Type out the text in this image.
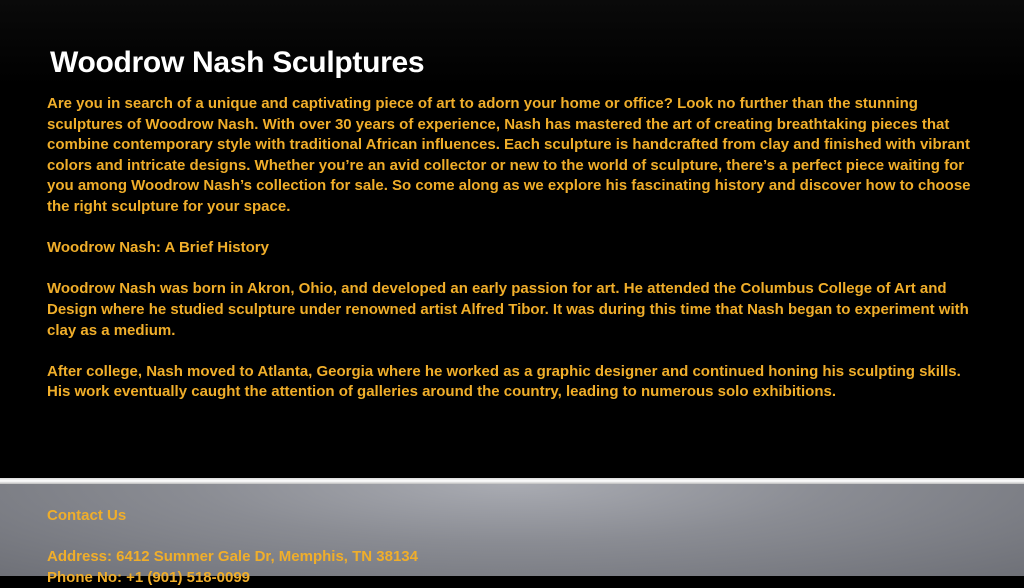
Woodrow Nash Sculptures

Are you in search of a unique and captivating piece of art to adorn your home or office? Look no further than the stunning sculptures of Woodrow Nash. With over 30 years of experience, Nash has mastered the art of creating breathtaking pieces that combine contemporary style with traditional African influences. Each sculpture is handcrafted from clay and finished with vibrant colors and intricate designs. Whether you’re an avid collector or new to the world of sculpture, there’s a perfect piece waiting for you among Woodrow Nash’s collection for sale. So come along as we explore his fascinating history and discover how to choose the right sculpture for your space.

Woodrow Nash: A Brief History

Woodrow Nash was born in Akron, Ohio, and developed an early passion for art. He attended the Columbus College of Art and Design where he studied sculpture under renowned artist Alfred Tibor. It was during this time that Nash began to experiment with clay as a medium.

After college, Nash moved to Atlanta, Georgia where he worked as a graphic designer and continued honing his sculpting skills. His work eventually caught the attention of galleries around the country, leading to numerous solo exhibitions.

Contact Us
Address: 6412 Summer Gale Dr, Memphis, TN 38134
Phone No: +1 (901) 518-0099
